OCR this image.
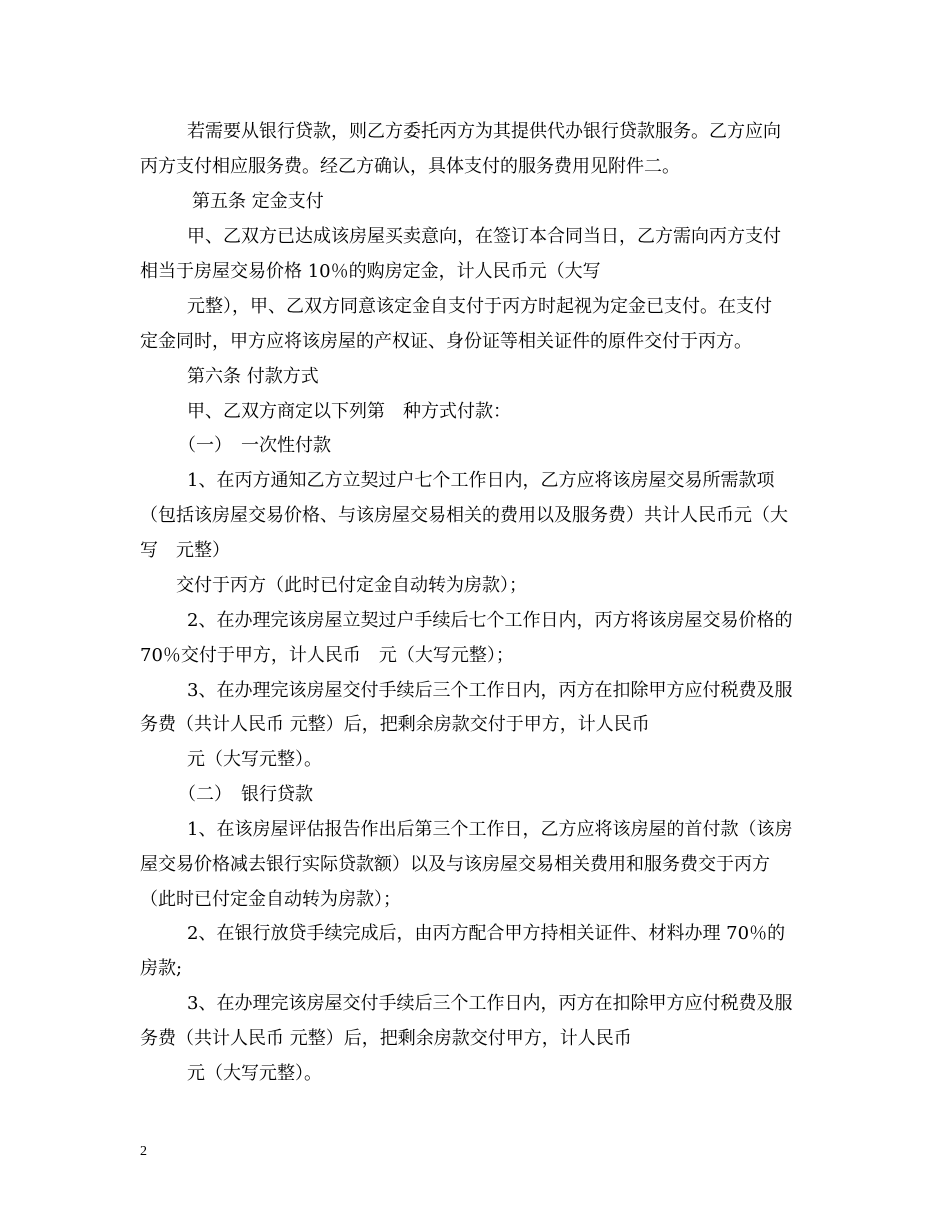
若需要从银行贷款，则乙方委托丙方为其提供代办银行贷款服务。乙方应向
丙方支付相应服务费。经乙方确认，具体支付的服务费用见附件二。
第五条 定金支付
甲、乙双方已达成该房屋买卖意向，在签订本合同当日，乙方需向丙方支付
相当于房屋交易价格 10％的购房定金，计人民币元（大写
元整），甲、乙双方同意该定金自支付于丙方时起视为定金已支付。在支付
定金同时，甲方应将该房屋的产权证、身份证等相关证件的原件交付于丙方。
第六条 付款方式
甲、乙双方商定以下列第　种方式付款：
（一）　一次性付款
1、在丙方通知乙方立契过户七个工作日内，乙方应将该房屋交易所需款项
（包括该房屋交易价格、与该房屋交易相关的费用以及服务费）共计人民币元（大
写　元整）
交付于丙方（此时已付定金自动转为房款）；
2、在办理完该房屋立契过户手续后七个工作日内，丙方将该房屋交易价格的
70％交付于甲方，计人民币　元（大写元整）；
3、在办理完该房屋交付手续后三个工作日内，丙方在扣除甲方应付税费及服
务费（共计人民币 元整）后，把剩余房款交付于甲方，计人民币
元（大写元整）。
（二）　银行贷款
1、在该房屋评估报告作出后第三个工作日，乙方应将该房屋的首付款（该房
屋交易价格减去银行实际贷款额）以及与该房屋交易相关费用和服务费交于丙方
（此时已付定金自动转为房款）；
2、在银行放贷手续完成后，由丙方配合甲方持相关证件、材料办理 70％的
房款;
3、在办理完该房屋交付手续后三个工作日内，丙方在扣除甲方应付税费及服
务费（共计人民币 元整）后，把剩余房款交付甲方，计人民币
元（大写元整）。
2
